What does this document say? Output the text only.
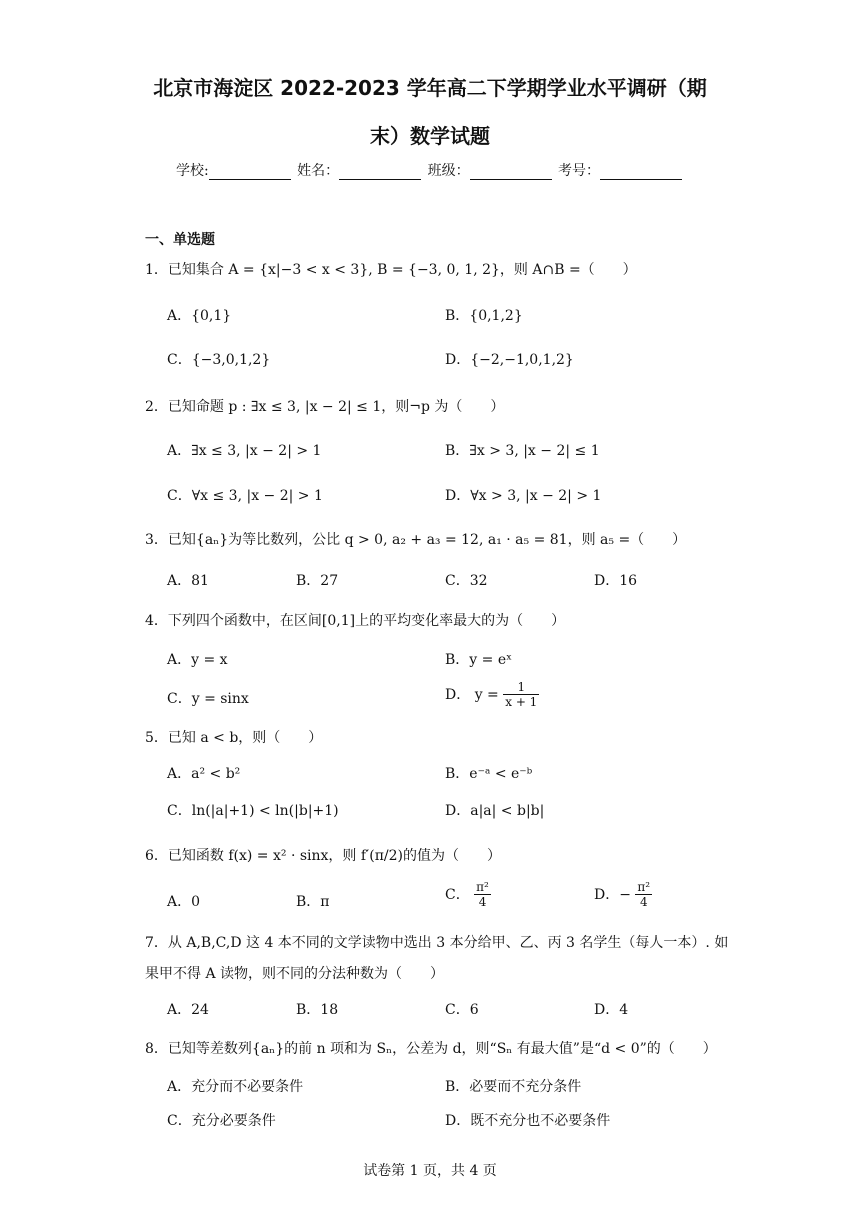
北京市海淀区 2022-2023 学年高二下学期学业水平调研（期
末）数学试题
学校:	姓名：	班级：	考号：
一、单选题
1．已知集合 A = {x|−3 < x < 3}, B = {−3, 0, 1, 2}，则 A∩B =（　　）
A．{0,1}	B．{0,1,2}
C．{−3,0,1,2}	D．{−2,−1,0,1,2}
2．已知命题 p : ∃x ≤ 3, |x − 2| ≤ 1，则¬p 为（　　）
A．∃x ≤ 3, |x − 2| > 1	B．∃x > 3, |x − 2| ≤ 1
C．∀x ≤ 3, |x − 2| > 1	D．∀x > 3, |x − 2| > 1
3．已知{aₙ}为等比数列，公比 q > 0, a₂ + a₃ = 12, a₁ · a₅ = 81，则 a₅ =（　　）
A．81	B．27	C．32	D．16
4．下列四个函数中，在区间[0,1]上的平均变化率最大的为（　　）
A．y = x	B．y = eˣ
C．y = sinx	D． $y = \frac{1}{x + 1}$
5．已知 a < b，则（　　）
A．a² < b²	B．e⁻ᵃ < e⁻ᵇ
C．ln(|a|+1) < ln(|b|+1)	D．a|a| < b|b|
6．已知函数 f(x) = x² · sinx，则 f′(π/2)的值为（　　）
A．0	B．π	C． $\frac{\text{π²}}{4}$	D．− $\frac{\text{π²}}{4}$
7．从 A,B,C,D 这 4 本不同的文学读物中选出 3 本分给甲、乙、丙 3 名学生（每人一本）. 如
果甲不得 A 读物，则不同的分法种数为（　　）
A．24	B．18	C．6	D．4
8．已知等差数列{aₙ}的前 n 项和为 Sₙ，公差为 d，则“Sₙ 有最大值”是“d < 0”的（　　）
A．充分而不必要条件	B．必要而不充分条件
C．充分必要条件	D．既不充分也不必要条件
试卷第 1 页，共 4 页
